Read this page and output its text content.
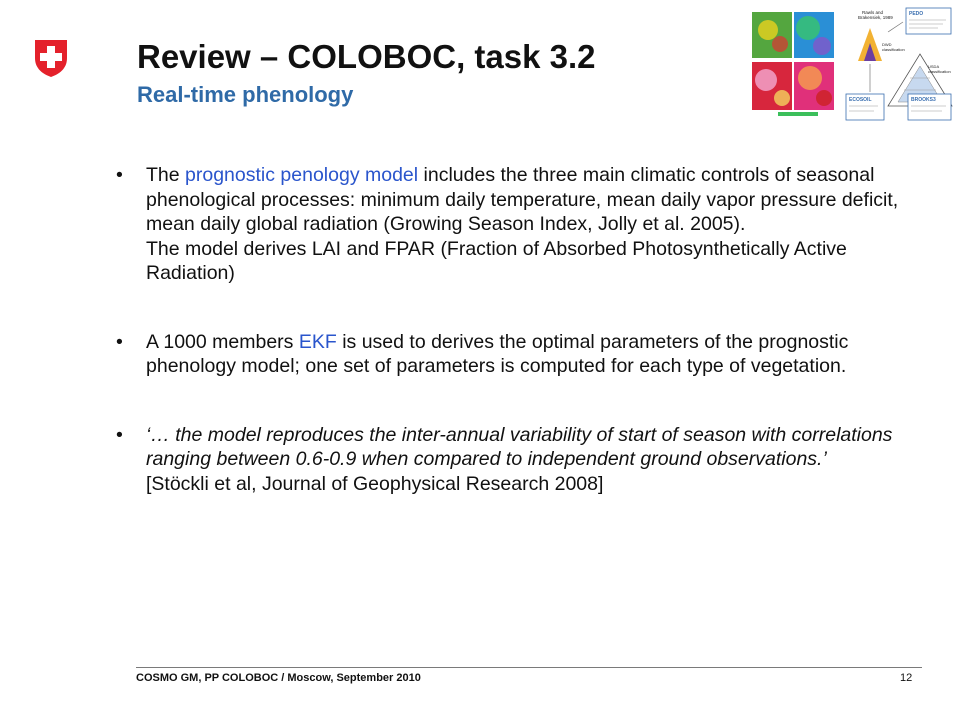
Review – COLOBOC, task 3.2
Real-time phenology
Rawls and
Brakensiek, 1989
PEDO
DWD
classification
USDA
classification
ECOSOIL	BROOKS3
• The prognostic penology model includes the three main climatic controls of seasonal phenological processes: minimum daily temperature, mean daily vapor pressure deficit, mean daily global radiation (Growing Season Index, Jolly et al. 2005).
The model derives LAI and FPAR (Fraction of Absorbed Photosynthetically Active Radiation)
• A 1000 members EKF is used to derives the optimal parameters of the prognostic phenology model; one set of parameters is computed for each type of vegetation.
• ‘… the model reproduces the inter-annual variability of start of season with correlations ranging between 0.6-0.9 when compared to independent ground observations.’
[Stöckli et al, Journal of Geophysical Research 2008]
COSMO GM, PP COLOBOC / Moscow, September 2010	12
